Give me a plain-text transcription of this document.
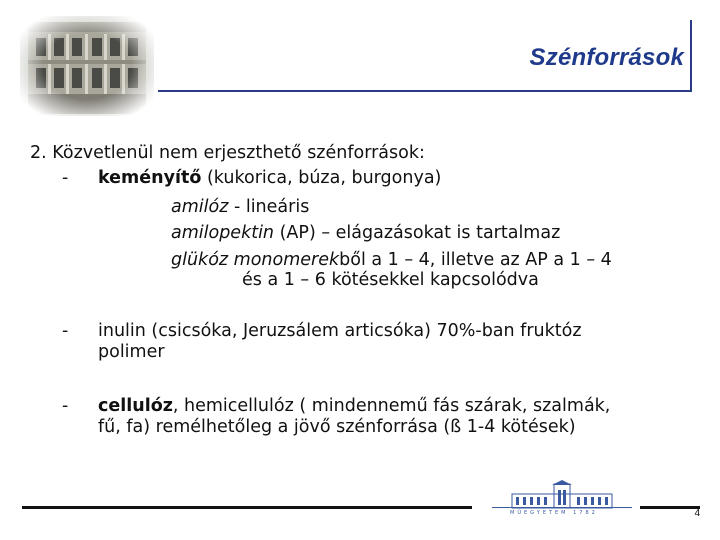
Szénforrások
2. Közvetlenül nem erjeszthető szénforrások:
- keményítő (kukorica, búza, burgonya)
amilóz - lineáris
amilopektin (AP) – elágazásokat is tartalmaz
glükóz monomerekből a 1 – 4, illetve az AP a 1 – 4
és a 1 – 6 kötésekkel kapcsolódva
- inulin (csicsóka, Jeruzsálem articsóka) 70%-ban fruktóz
polimer
- cellulóz, hemicellulóz ( mindennemű fás szárak, szalmák,
fű, fa) remélhetőleg a jövő szénforrása (ß 1-4 kötések)
MŰEGYETEM 1782	4
